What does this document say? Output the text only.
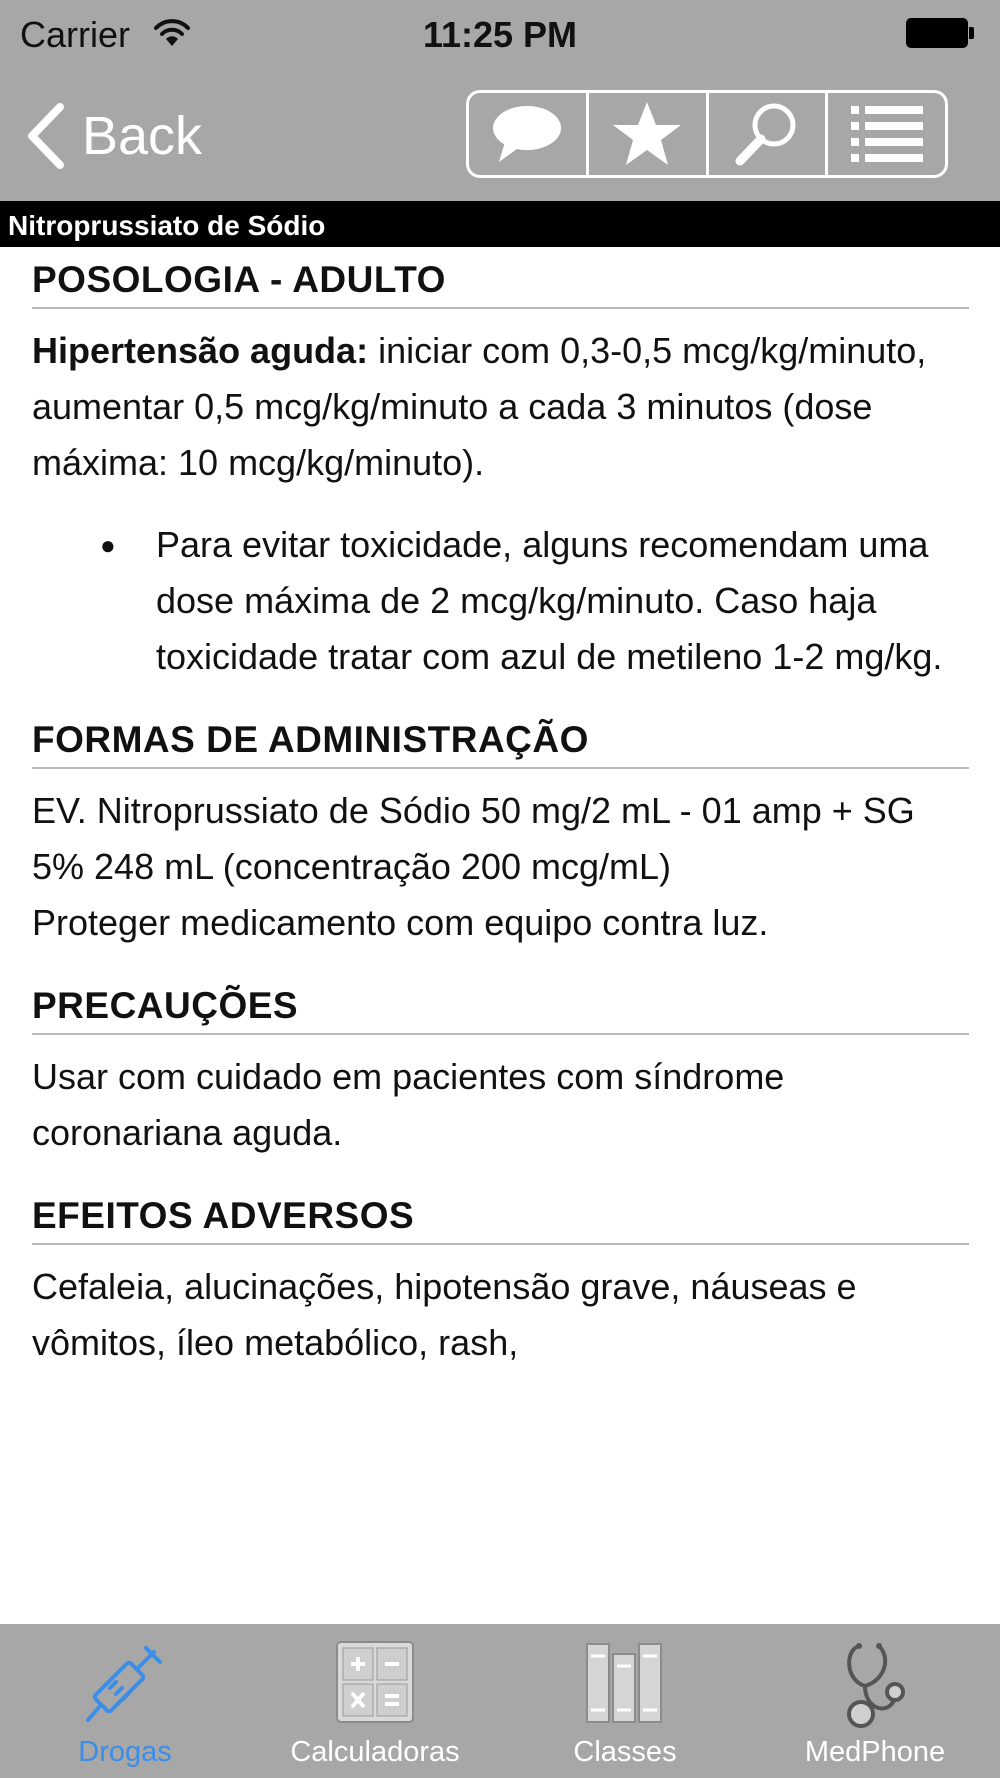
Carrier	11:25 PM
Back
Nitroprussiato de Sódio
POSOLOGIA - ADULTO

Hipertensão aguda: iniciar com 0,3-0,5 mcg/kg/minuto, aumentar 0,5 mcg/kg/minuto a cada 3 minutos (dose máxima: 10 mcg/kg/minuto).

● Para evitar toxicidade, alguns recomendam uma dose máxima de 2 mcg/kg/minuto. Caso haja toxicidade tratar com azul de metileno 1-2 mg/kg.
FORMAS DE ADMINISTRAÇÃO

EV. Nitroprussiato de Sódio 50 mg/2 mL - 01 amp + SG 5% 248 mL (concentração 200 mcg/mL)
Proteger medicamento com equipo contra luz.

PRECAUÇÕES

Usar com cuidado em pacientes com síndrome coronariana aguda.

EFEITOS ADVERSOS

Cefaleia, alucinações, hipotensão grave, náuseas e vômitos, íleo metabólico, rash,

Drogas	Calculadoras	Classes	MedPhone
